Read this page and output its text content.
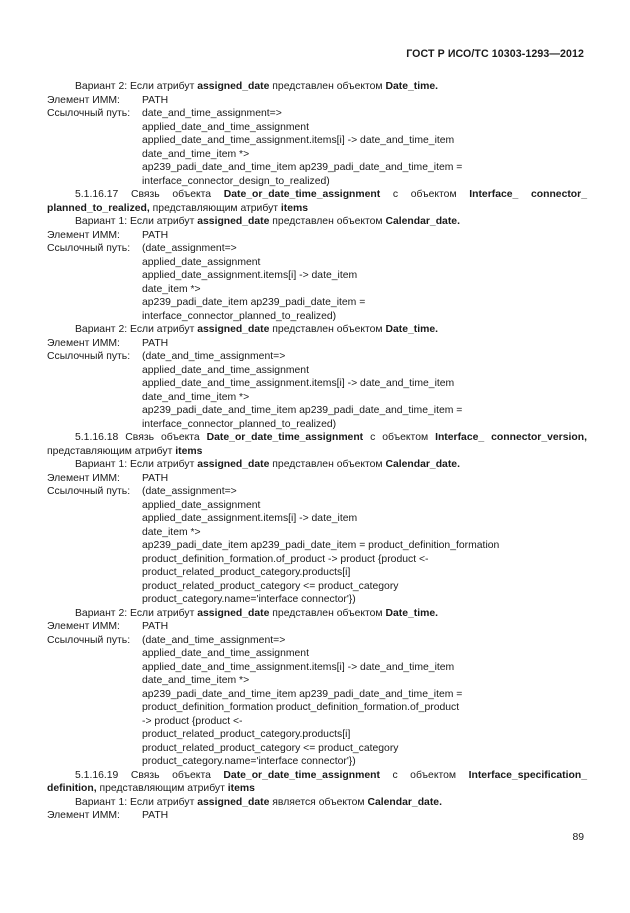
ГОСТ Р ИСО/ТС 10303-1293—2012
Вариант 2: Если атрибут assigned_date представлен объектом Date_time.
Элемент ИММ: PATH
Ссылочный путь: date_and_time_assignment=>
applied_date_and_time_assignment
applied_date_and_time_assignment.items[i] -> date_and_time_item
date_and_time_item *>
ap239_padi_date_and_time_item ap239_padi_date_and_time_item =
interface_connector_design_to_realized)
5.1.16.17 Связь объекта Date_or_date_time_assignment с объектом Interface_ connector_
planned_to_realized, представляющим атрибут items
Вариант 1: Если атрибут assigned_date представлен объектом Calendar_date.
Элемент ИММ: PATH
Ссылочный путь: (date_assignment=>
applied_date_assignment
applied_date_assignment.items[i] -> date_item
date_item *>
ap239_padi_date_item ap239_padi_date_item =
interface_connector_planned_to_realized)
Вариант 2: Если атрибут assigned_date представлен объектом Date_time.
Элемент ИММ: PATH
Ссылочный путь: (date_and_time_assignment=>
applied_date_and_time_assignment
applied_date_and_time_assignment.items[i] -> date_and_time_item
date_and_time_item *>
ap239_padi_date_and_time_item ap239_padi_date_and_time_item =
interface_connector_planned_to_realized)
5.1.16.18 Связь объекта Date_or_date_time_assignment с объектом Interface_ connector_version,
представляющим атрибут items
Вариант 1: Если атрибут assigned_date представлен объектом Calendar_date.
Элемент ИММ: PATH
Ссылочный путь: (date_assignment=>
applied_date_assignment
applied_date_assignment.items[i] -> date_item
date_item *>
ap239_padi_date_item ap239_padi_date_item = product_definition_formation
product_definition_formation.of_product -> product {product <-
product_related_product_category.products[i]
product_related_product_category <= product_category
product_category.name='interface connector'})
Вариант 2: Если атрибут assigned_date представлен объектом Date_time.
Элемент ИММ: PATH
Ссылочный путь: (date_and_time_assignment=>
applied_date_and_time_assignment
applied_date_and_time_assignment.items[i] -> date_and_time_item
date_and_time_item *>
ap239_padi_date_and_time_item ap239_padi_date_and_time_item =
product_definition_formation product_definition_formation.of_product
-> product {product <-
product_related_product_category.products[i]
product_related_product_category <= product_category
product_category.name='interface connector'})
5.1.16.19 Связь объекта Date_or_date_time_assignment с объектом Interface_specification_
definition, представляющим атрибут items
Вариант 1: Если атрибут assigned_date является объектом Calendar_date.
Элемент ИММ: PATH
89
